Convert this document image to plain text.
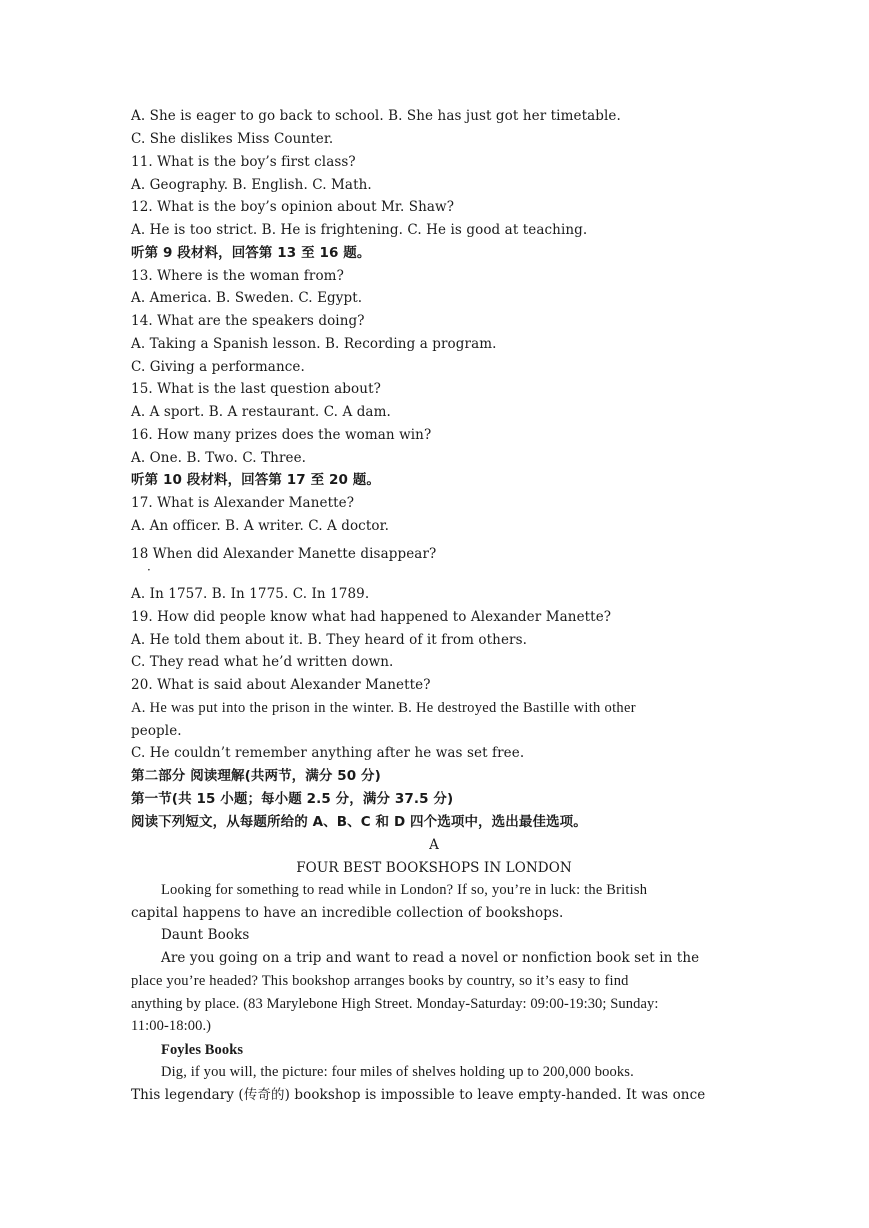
A. She is eager to go back to school. B. She has just got her timetable.
C. She dislikes Miss Counter.
11. What is the boy’s first class?
A. Geography. B. English. C. Math.
12. What is the boy’s opinion about Mr. Shaw?
A. He is too strict. B. He is frightening. C. He is good at teaching.
听第 9 段材料，回答第 13 至 16 题。
13. Where is the woman from?
A. America. B. Sweden. C. Egypt.
14. What are the speakers doing?
A. Taking a Spanish lesson. B. Recording a program.
C. Giving a performance.
15. What is the last question about?
A. A sport. B. A restaurant. C. A dam.
16. How many prizes does the woman win?
A. One. B. Two. C. Three.
听第 10 段材料，回答第 17 至 20 题。
17. What is Alexander Manette?
A. An officer. B. A writer. C. A doctor.
18 When did Alexander Manette disappear?
·
A. In 1757. B. In 1775. C. In 1789.
19. How did people know what had happened to Alexander Manette?
A. He told them about it. B. They heard of it from others.
C. They read what he’d written down.
20. What is said about Alexander Manette?
A. He was put into the prison in the winter. B. He destroyed the Bastille with other
people.
C. He couldn’t remember anything after he was set free.
第二部分 阅读理解(共两节，满分 50 分)
第一节(共 15 小题；每小题 2.5 分，满分 37.5 分)
阅读下列短文，从每题所给的 A、B、C 和 D 四个选项中，选出最佳选项。
A
FOUR BEST BOOKSHOPS IN LONDON
Looking for something to read while in London? If so, you’re in luck: the British
capital happens to have an incredible collection of bookshops.
Daunt Books
Are you going on a trip and want to read a novel or nonfiction book set in the
place you’re headed? This bookshop arranges books by country, so it’s easy to find
anything by place. (83 Marylebone High Street. Monday-Saturday: 09:00-19:30; Sunday:
11:00-18:00.)
Foyles Books
Dig, if you will, the picture: four miles of shelves holding up to 200,000 books.
This legendary (传奇的) bookshop is impossible to leave empty-handed. It was once
